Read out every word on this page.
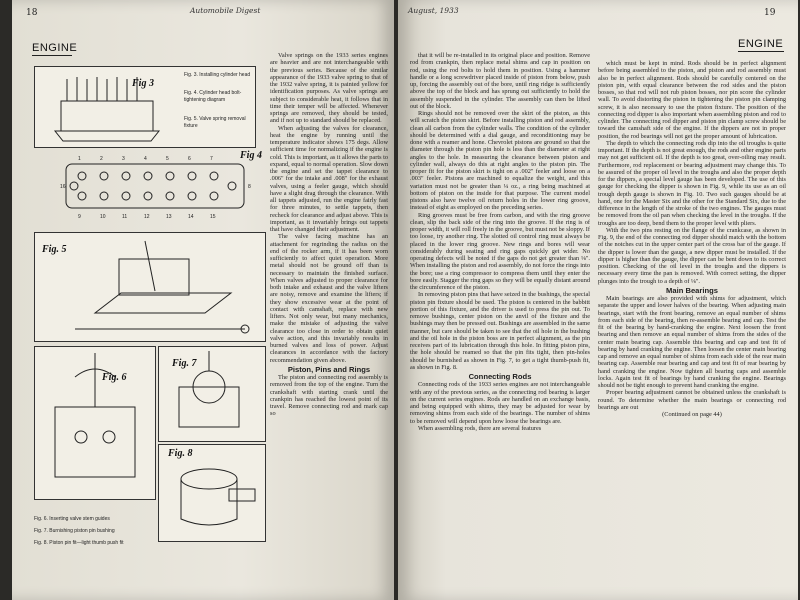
18	Automobile Digest
ENGINE
Fig 3
Fig. 3. Installing cylinder head
Fig. 4. Cylinder head bolt-tightening diagram
Fig. 5. Valve spring removal fixture
1	2	3	4	5	6	7
8
9	10	11	12	13	14	15
16
Fig 4
Fig. 5
Fig. 6
Fig. 7
Fig. 8
Fig. 6. Inserting valve stem guides
Fig. 7. Burnishing piston pin bushing
Fig. 8. Piston pin fit—light thumb push fit

Valve springs on the 1933 series engines are heavier and are not interchangeable with the previous series. Because of the similar appearance of the 1933 valve spring to that of the 1932 valve spring, it is painted yellow for identification purposes. As valve springs are subject to considerable heat, it follows that in time their temper will be affected. Whenever springs are removed, they should be tested, and if not up to standard should be replaced.

When adjusting the valves for clearance, heat the engine by running until the temperature indicator shows 175 degs. Allow sufficient time for normalizing if the engine is cold. This is important, as it allows the parts to expand, equal to normal operation. Slow down the engine and set the tappet clearance to .006" for the intake and .008" for the exhaust valves, using a feeler gauge, which should have a slight drag through the clearance. With all tappets adjusted, run the engine fairly fast for three minutes, to settle tappets, then recheck for clearance and adjust above. This is important, as it invariably brings out tappets that have changed their adjustment.

The valve facing machine has an attachment for regrinding the radius on the end of the rocker arm, if it has been worn sufficiently to affect quiet operation. More metal should not be ground off than is necessary to maintain the finished surface. When valves adjusted to proper clearance for both intake and exhaust and the valve lifters are noisy, remove and examine the lifters; if they show excessive wear at the point of contact with camshaft, replace with new lifters. Not only wear, but many mechanics, make the mistake of adjusting the valve clearance too close in order to obtain quiet valve action, and this invariably results in burned valves and loss of power. Adjust clearances in accordance with the factory recommendation given above.

Piston, Pins and Rings

The piston and connecting rod assembly is removed from the top of the engine. Turn the crankshaft with starting crank until the crankpin has reached the lowest point of its travel. Remove connecting rod and mark cap so

August, 1933	19
ENGINE

that it will be re-installed in its original place and position. Remove rod from crankpin, then replace metal shims and cap in position on rod, using the rod bolts to hold them in position. Using a hammer handle or a long screwdriver placed inside of piston from below, push up, forcing the assembly out of the bore, until ring ridge is sufficiently above the top of the block and has sprung out sufficiently to hold the assembly suspended in the cylinder. The assembly can then be lifted out of the block.

Rings should not be removed over the skirt of the piston, as this will scratch the piston skirt. Before installing piston and rod assembly, clean all carbon from the cylinder walls. The condition of the cylinder should be determined with a dial gauge, and reconditioning may be done with a reamer and hone. Chevrolet pistons are ground so that the diameter through the piston pin hole is less than the diameter at right angles to the hole. In measuring the clearance between piston and cylinder wall, always do this at right angles to the piston pin. The proper fit for the piston skirt is tight on a .002" feeler and loose on a .003" feeler. Pistons are machined to equalize the weight, and this variation must not be greater than ¼ oz., a ring being machined at bottom of piston on the inside for that purpose. The current model pistons also have twelve oil return holes in the lower ring groove, instead of eight as employed on the preceding series.

Ring grooves must be free from carbon, and with the ring groove clean, slip the back side of the ring into the groove. If the ring is of proper width, it will roll freely in the groove, but must not be sloppy. If too loose, try another ring. The slotted oil control ring must always be placed in the lower ring groove. New rings and bores will wear considerably during seating and ring gaps quickly get wider. No operating defects will be noted if the gaps do not get greater than ⅛". When installing the piston and rod assembly, do not force the rings into the bore; use a ring compressor to compress them until they enter the bore easily. Stagger the ring gaps so they will be equally distant around the circumference of the piston.

In removing piston pins that have seized in the bushings, the special piston pin fixture should be used. The piston is centered in the babbitt portion of this fixture, and the driver is used to press the pin out. To remove bushings, center piston on the anvil of the fixture and the bushings may then be pressed out. Bushings are assembled in the same manner, but care should be taken to see that the oil hole in the bushing and the oil hole in the piston boss are in perfect alignment, as the pin receives part of its lubrication through this hole. In fitting piston pins, the hole should be reamed so that the pin fits tight, then pin-holes should be burnished as shown in Fig. 7, to get a tight thumb-push fit, as shown in Fig. 8.

Connecting Rods

Connecting rods of the 1933 series engines are not interchangeable with any of the previous series, as the connecting rod bearing is larger on the current series engines. Rods are handled on an exchange basis, and being equipped with shims, they may be adjusted for wear by removing shims from each side of the bearings. The number of shims to be removed will depend upon how loose the bearings are.

When assembling rods, there are several features

which must be kept in mind. Rods should be in perfect alignment before being assembled to the piston, and piston and rod assembly must also be in perfect alignment. Rods should be carefully centered on the piston pin, with equal clearance between the rod sides and the piston bosses, so that rod will not rub piston bosses, nor pin score the cylinder wall. To avoid distorting the piston in tightening the piston pin clamping screw, it is also necessary to use the piston fixture. The position of the connecting rod dipper is also important when assembling piston and rod to cylinder. The connecting rod dipper and piston pin clamp screw should be toward the camshaft side of the engine. If the dippers are not in proper position, the rod bearings will not get the proper amount of lubrication.

The depth to which the connecting rods dip into the oil troughs is quite important. If the depth is not great enough, the rods and other engine parts may not get sufficient oil. If the depth is too great, over-oiling may result. Furthermore, rod replacement or bearing adjustment may change this. To be assured of the proper oil level in the troughs and also the proper depth for the dippers, a special level gauge has been developed. The use of this gauge for checking the dipper is shown in Fig. 9, while its use as an oil trough depth gauge is shown in Fig. 10. Two such gauges should be at hand, one for the Master Six and the other for the Standard Six, due to the difference in the length of the stroke of the two engines. The gauges must be removed from the oil pan when checking the level in the troughs. If the troughs are too deep, bend them to the proper level with pliers.

With the two pins resting on the flange of the crankcase, as shown in Fig. 9, the end of the connecting rod dipper should match with the bottom of the notches cut in the upper center part of the cross bar of the gauge. If the dipper is lower than the gauge, a new dipper must be installed. If the dipper is higher than the gauge, the dipper can be bent down to its correct position. Checking of the oil level in the troughs and the dippers is necessary every time the pan is removed. With correct setting, the dipper plunges into the trough to a depth of ⅛".

Main Bearings

Main bearings are also provided with shims for adjustment, which separate the upper and lower halves of the bearing. When adjusting main bearings, start with the front bearing, remove an equal number of shims from each side of the bearing, then re-assemble bearing and cap. Test the fit of the bearing by hand-cranking the engine. Next loosen the front bearing and then remove an equal number of shims from the sides of the center main bearing cap. Assemble this bearing and cap and test fit of bearing by hand cranking the engine. Then loosen the center main bearing cap and remove an equal number of shims from each side of the rear main bearing cap. Assemble rear bearing and cap and test fit of rear bearing by hand cranking the engine. Now tighten all bearing caps and assemble locks. Again test fit of bearings by hand cranking the engine. Bearings should not be tight enough to prevent hand cranking the engine.

Proper bearing adjustment cannot be obtained unless the crankshaft is round. To determine whether the main bearings or connecting rod bearings are out

(Continued on page 44)
